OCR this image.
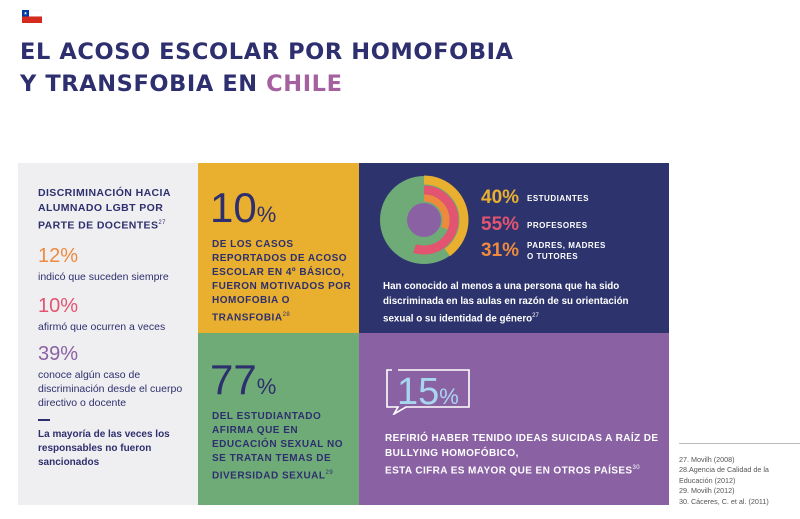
EL ACOSO ESCOLAR POR HOMOFOBIA
Y TRANSFOBIA EN CHILE
DISCRIMINACIÓN HACIA ALUMNADO LGBT POR PARTE DE DOCENTES$^{27}$
12%
indicó que suceden siempre
10%
afirmó que ocurren a veces
39%
conoce algún caso de discriminación desde el cuerpo directivo o docente
La mayoría de las veces los responsables no fueron sancionados
10%
DE LOS CASOS REPORTADOS DE ACOSO ESCOLAR EN 4º BÁSICO, FUERON MOTIVADOS POR HOMOFOBIA O TRANSFOBIA$^{28}$
40% ESTUDIANTES
55% PROFESORES
31% PADRES, MADRES
O TUTORES
Han conocido al menos a una persona que ha sido discriminada en las aulas en razón de su orientación sexual o su identidad de género$^{27}$
77%
DEL ESTUDIANTADO AFIRMA QUE EN EDUCACIÓN SEXUAL NO SE TRATAN TEMAS DE DIVERSIDAD SEXUAL$^{29}$
15%
REFIRIÓ HABER TENIDO IDEAS SUICIDAS A RAÍZ DE BULLYING HOMOFÓBICO,
ESTA CIFRA ES MAYOR QUE EN OTROS PAÍSES$^{30}$
27. Movilh (2008)
28.Agencia de Calidad de la Educación (2012)
29. Movilh (2012)
30. Cáceres, C. et al. (2011)
